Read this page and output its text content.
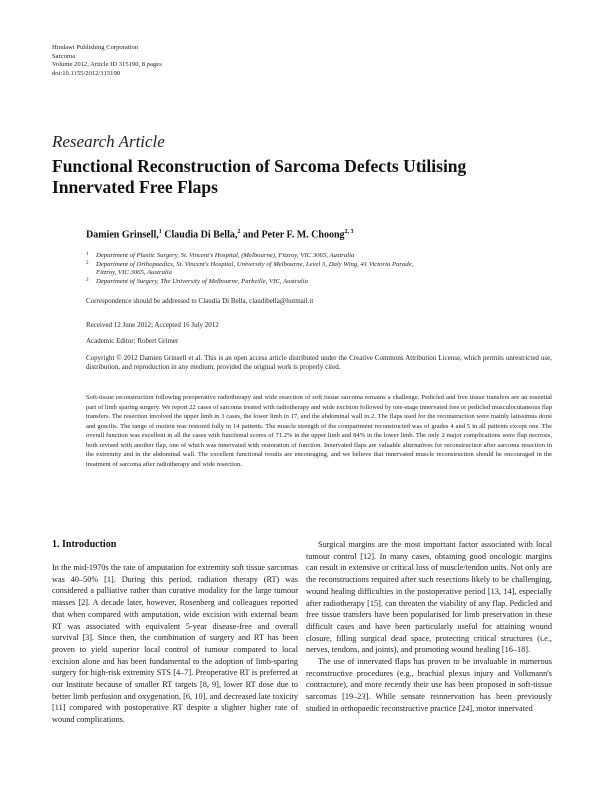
Hindawi Publishing Corporation
Sarcoma
Volume 2012, Article ID 315190, 8 pages
doi:10.1155/2012/315190
Research Article
Functional Reconstruction of Sarcoma Defects Utilising Innervated Free Flaps
Damien Grinsell,$^1$ Claudia Di Bella,$^2$ and Peter F. M. Choong$^{2, 3}$
1 Department of Plastic Surgery, St. Vincent's Hospital, (Melbourne), Fitzroy, VIC 3065, Australia
2 Department of Orthopaedics, St. Vincent's Hospital, University of Melbourne, Level 3, Daly Wing, 41 Victoria Parade,
Fitzroy, VIC 3065, Australia
3 Department of Surgery, The University of Melbourne, Parkville, VIC, Australia
Correspondence should be addressed to Claudia Di Bella, claudibella@hotmail.it
Received 12 June 2012; Accepted 16 July 2012
Academic Editor: Robert Grimer
Copyright © 2012 Damien Grinsell et al. This is an open access article distributed under the Creative Commons Attribution License, which permits unrestricted use, distribution, and reproduction in any medium, provided the original work is properly cited.
Soft-tissue reconstruction following preoperative radiotherapy and wide resection of soft tissue sarcoma remains a challenge. Pedicled and free tissue transfers are an essential part of limb sparing surgery. We report 22 cases of sarcoma treated with radiotherapy and wide excision followed by one-stage innervated free or pedicled musculocutaneous flap transfers. The resection involved the upper limb in 3 cases, the lower limb in 17, and the abdominal wall in 2. The flaps used for the reconstruction were mainly latissimus dorsi and gracilis. The range of motion was restored fully in 14 patients. The muscle strength of the compartment reconstructed was of grades 4 and 5 in all patients except one. The overall function was excellent in all the cases with functional scores of 71.2% in the upper limb and 84% in the lower limb. The only 2 major complications were flap necrosis, both revised with another flap, one of which was innervated with restoration of function. Innervated flaps are valuable alternatives for reconstruction after sarcoma resection in the extremity and in the abdominal wall. The excellent functional results are encouraging, and we believe that innervated muscle reconstruction should be encouraged in the treatment of sarcoma after radiotherapy and wide resection.
1. Introduction

In the mid-1970s the rate of amputation for extremity soft tissue sarcomas was 40–50% [1]. During this period, radiation therapy (RT) was considered a palliative rather than curative modality for the large tumour masses [2]. A decade later, however, Rosenberg and colleagues reported that when compared with amputation, wide excision with external beam RT was associated with equivalent 5-year disease-free and overall survival [3]. Since then, the combination of surgery and RT has been proven to yield superior local control of tumour compared to local excision alone and has been fundamental to the adoption of limb-sparing surgery for high-risk extremity STS [4–7]. Preoperative RT is preferred at our Institute because of smaller RT targets [8, 9], lower RT dose due to better limb perfusion and oxygenation, [6, 10]. and decreased late toxicity [11] compared with postoperative RT despite a slighter higher rate of wound complications.

Surgical margins are the most important factor associated with local tumour control [12]. In many cases, obtaining good oncologic margins can result in extensive or critical loss of muscle/tendon units. Not only are the reconstructions required after such resections likely to be challenging, wound healing difficulties in the postoperative period [13, 14], especially after radiotherapy [15]. can threaten the viability of any flap. Pedicled and free tissue transfers have been popularised for limb preservation in these difficult cases and have been particularly useful for attaining wound closure, filling surgical dead space, protecting critical structures (i.e., nerves, tendons, and joints), and promoting wound healing [16–18].

The use of innervated flaps has proven to be invaluable in numerous reconstructive procedures (e.g., brachial plexus injury and Volkmann's contracture), and more recently their use has been proposed in soft-tissue sarcomas [19–23]. While sensate reinnervation has been previously studied in orthopaedic reconstructive practice [24], motor innervated
